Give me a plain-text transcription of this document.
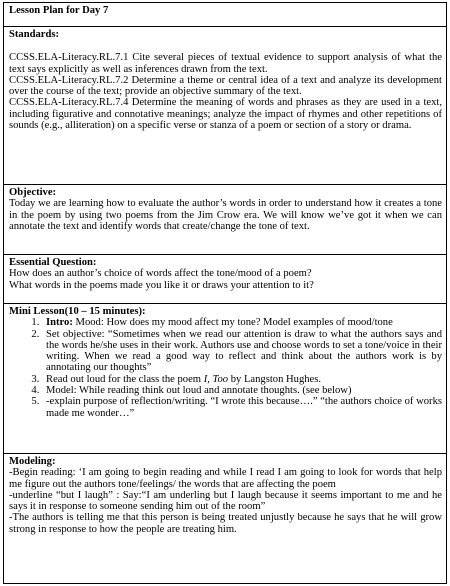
Lesson Plan for Day 7
Standards:

CCSS.ELA-Literacy.RL.7.1 Cite several pieces of textual evidence to support analysis of what the text says explicitly as well as inferences drawn from the text.

CCSS.ELA-Literacy.RL.7.2 Determine a theme or central idea of a text and analyze its development over the course of the text; provide an objective summary of the text.

CCSS.ELA-Literacy.RL.7.4 Determine the meaning of words and phrases as they are used in a text, including figurative and connotative meanings; analyze the impact of rhymes and other repetitions of sounds (e.g., alliteration) on a specific verse or stanza of a poem or section of a story or drama.

Objective:

Today we are learning how to evaluate the author’s words in order to understand how it creates a tone in the poem by using two poems from the Jim Crow era. We will know we’ve got it when we can annotate the text and identify words that create/change the tone of text.

Essential Question:

How does an author’s choice of words affect the tone/mood of a poem?

What words in the poems made you like it or draws your attention to it?

Mini Lesson(10 – 15 minutes):
1. Intro: Mood: How does my mood affect my tone? Model examples of mood/tone
2. Set objective: “Sometimes when we read our attention is draw to what the authors says and the words he/she uses in their work. Authors use and choose words to set a tone/voice in their writing. When we read a good way to reflect and think about the authors work is by annotating our thoughts”
3. Read out loud for the class the poem I, Too by Langston Hughes.
4. Model: While reading think out loud and annotate thoughts. (see below)
5. -explain purpose of reflection/writing. “I wrote this because….” “the authors choice of works made me wonder…”
Modeling:

-Begin reading: ‘I am going to begin reading and while I read I am going to look for words that help me figure out the authors tone/feelings/ the words that are affecting the poem

-underline “but I laugh” : Say:“I am underling but I laugh because it seems important to me and he says it in response to someone sending him out of the room”

-The authors is telling me that this person is being treated unjustly because he says that he will grow strong in response to how the people are treating him.
